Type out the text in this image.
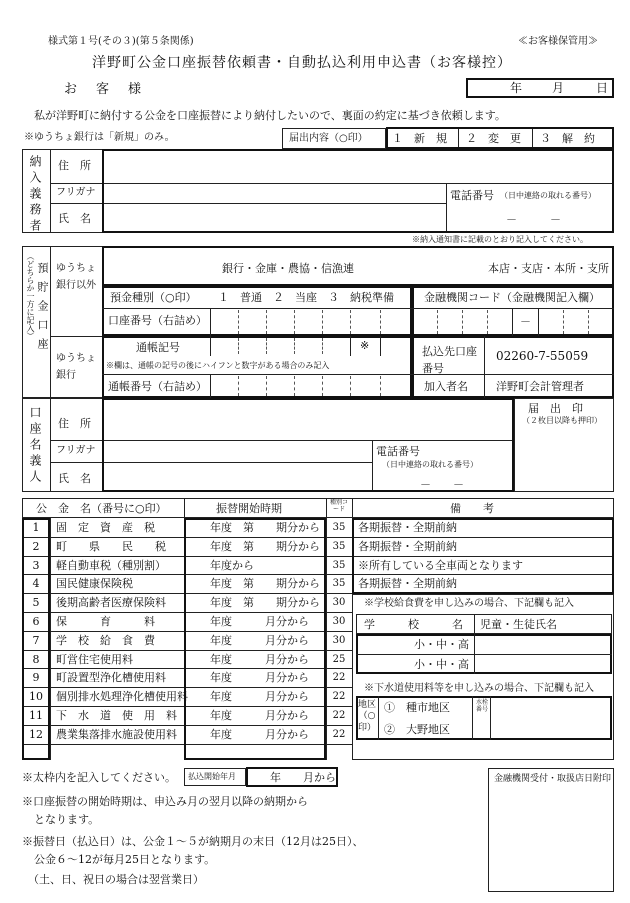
様式第１号(その３)(第５条関係)	≪お客様保管用≫
洋野町公金口座振替依頼書・自動払込利用申込書（お客様控）
お　客　様	年 月	日
私が洋野町に納付する公金を口座振替により納付したいので、裏面の約定に基づき依頼します。
※ゆうちょ銀行は「新規」のみ。	届出内容（○印） １　新　規 ２　変　更 ３　解　約
納入義務者 住　所
フリガナ
氏　名
電話番号 （日中連絡の取れる番号）
－　　　－
※納入通知書に記載のとおり記入してください。
（どちらか一方に記入） 預貯金口座 ゆうちょ銀行以外
銀行・金庫・農協・信漁連	本店・支店・本所・支所
預金種別（○印） １　普通　２　当座　３　納税準備
口座番号（右詰め）
金融機関コード（金融機関記入欄）
－
ゆうちょ銀行
通帳記号	※
※欄は、通帳の記号の後にハイフンと数字がある場合のみ記入
通帳番号（右詰め）
払込先口座番号
02260-7-55059
加入者名	洋野町会計管理者
口座名義人 住　所
フリガナ
氏　名
電話番号
（日中連絡の取れる番号）
－　　－
届　出　印
（２枚目以降も押印）
公　金　名（番号に○印）	振替開始時期	種別コード	備　　考
1	固　定　資　産　税	年度　第　　期分から	35	各期振替・全期前納
2	町　　県　　民　　税	年度　第　　期分から	35	各期振替・全期前納
3	軽自動車税（種別割）	年度から	35	※所有している全車両となります
4	国民健康保険税	年度　第　　期分から	35	各期振替・全期前納
5	後期高齢者医療保険料	年度　第　　期分から	30
6	保　　　育　　　料	年度　　　月分から	30
7	学　校　給　食　費	年度　　　月分から	30
8	町営住宅使用料	年度　　　月分から	25
9	町設置型浄化槽使用料	年度　　　月分から	22
10	個別排水処理浄化槽使用料 年度　　　月分から	22
11	下　水　道　使　用　料	年度　　　月分から	22
12	農業集落排水施設使用料	年度　　　月分から	22
※学校給食費を申し込みの場合、下記欄も記入
学　　　校　　　名 児童・生徒氏名
小・中・高
小・中・高
※下水道使用料等を申し込みの場合、下記欄も記入
地区（○印）
①　種市地区
②　大野地区
水栓番号
※太枠内を記入してください。 払込開始年月	年　　月から
※口座振替の開始時期は、申込み月の翌月以降の納期から
となります。
※振替日（払込日）は、公金１～５が納期月の末日（12月は25日）、
公金６～12が毎月25日となります。
（土、日、祝日の場合は翌営業日）
金融機関受付・取扱店日附印
